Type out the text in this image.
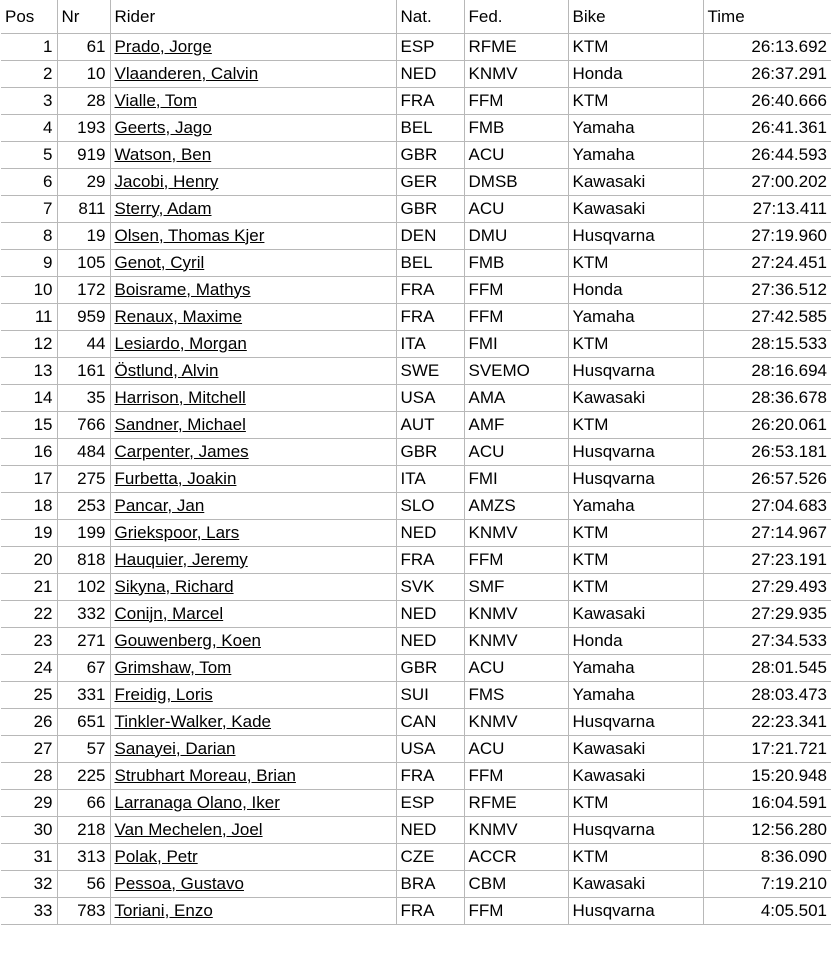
Pos	Nr	Rider	Nat.	Fed.	Bike	Time
1	61	Prado, Jorge	ESP	RFME	KTM	26:13.692
2	10	Vlaanderen, Calvin	NED	KNMV	Honda	26:37.291
3	28	Vialle, Tom	FRA	FFM	KTM	26:40.666
4	193	Geerts, Jago	BEL	FMB	Yamaha	26:41.361
5	919	Watson, Ben	GBR	ACU	Yamaha	26:44.593
6	29	Jacobi, Henry	GER	DMSB	Kawasaki	27:00.202
7	811	Sterry, Adam	GBR	ACU	Kawasaki	27:13.411
8	19	Olsen, Thomas Kjer	DEN	DMU	Husqvarna	27:19.960
9	105	Genot, Cyril	BEL	FMB	KTM	27:24.451
10	172	Boisrame, Mathys	FRA	FFM	Honda	27:36.512
11	959	Renaux, Maxime	FRA	FFM	Yamaha	27:42.585
12	44	Lesiardo, Morgan	ITA	FMI	KTM	28:15.533
13	161	Östlund, Alvin	SWE	SVEMO	Husqvarna	28:16.694
14	35	Harrison, Mitchell	USA	AMA	Kawasaki	28:36.678
15	766	Sandner, Michael	AUT	AMF	KTM	26:20.061
16	484	Carpenter, James	GBR	ACU	Husqvarna	26:53.181
17	275	Furbetta, Joakin	ITA	FMI	Husqvarna	26:57.526
18	253	Pancar, Jan	SLO	AMZS	Yamaha	27:04.683
19	199	Griekspoor, Lars	NED	KNMV	KTM	27:14.967
20	818	Hauquier, Jeremy	FRA	FFM	KTM	27:23.191
21	102	Sikyna, Richard	SVK	SMF	KTM	27:29.493
22	332	Conijn, Marcel	NED	KNMV	Kawasaki	27:29.935
23	271	Gouwenberg, Koen	NED	KNMV	Honda	27:34.533
24	67	Grimshaw, Tom	GBR	ACU	Yamaha	28:01.545
25	331	Freidig, Loris	SUI	FMS	Yamaha	28:03.473
26	651	Tinkler-Walker, Kade	CAN	KNMV	Husqvarna	22:23.341
27	57	Sanayei, Darian	USA	ACU	Kawasaki	17:21.721
28	225	Strubhart Moreau, Brian	FRA	FFM	Kawasaki	15:20.948
29	66	Larranaga Olano, Iker	ESP	RFME	KTM	16:04.591
30	218	Van Mechelen, Joel	NED	KNMV	Husqvarna	12:56.280
31	313	Polak, Petr	CZE	ACCR	KTM	8:36.090
32	56	Pessoa, Gustavo	BRA	CBM	Kawasaki	7:19.210
33	783	Toriani, Enzo	FRA	FFM	Husqvarna	4:05.501
